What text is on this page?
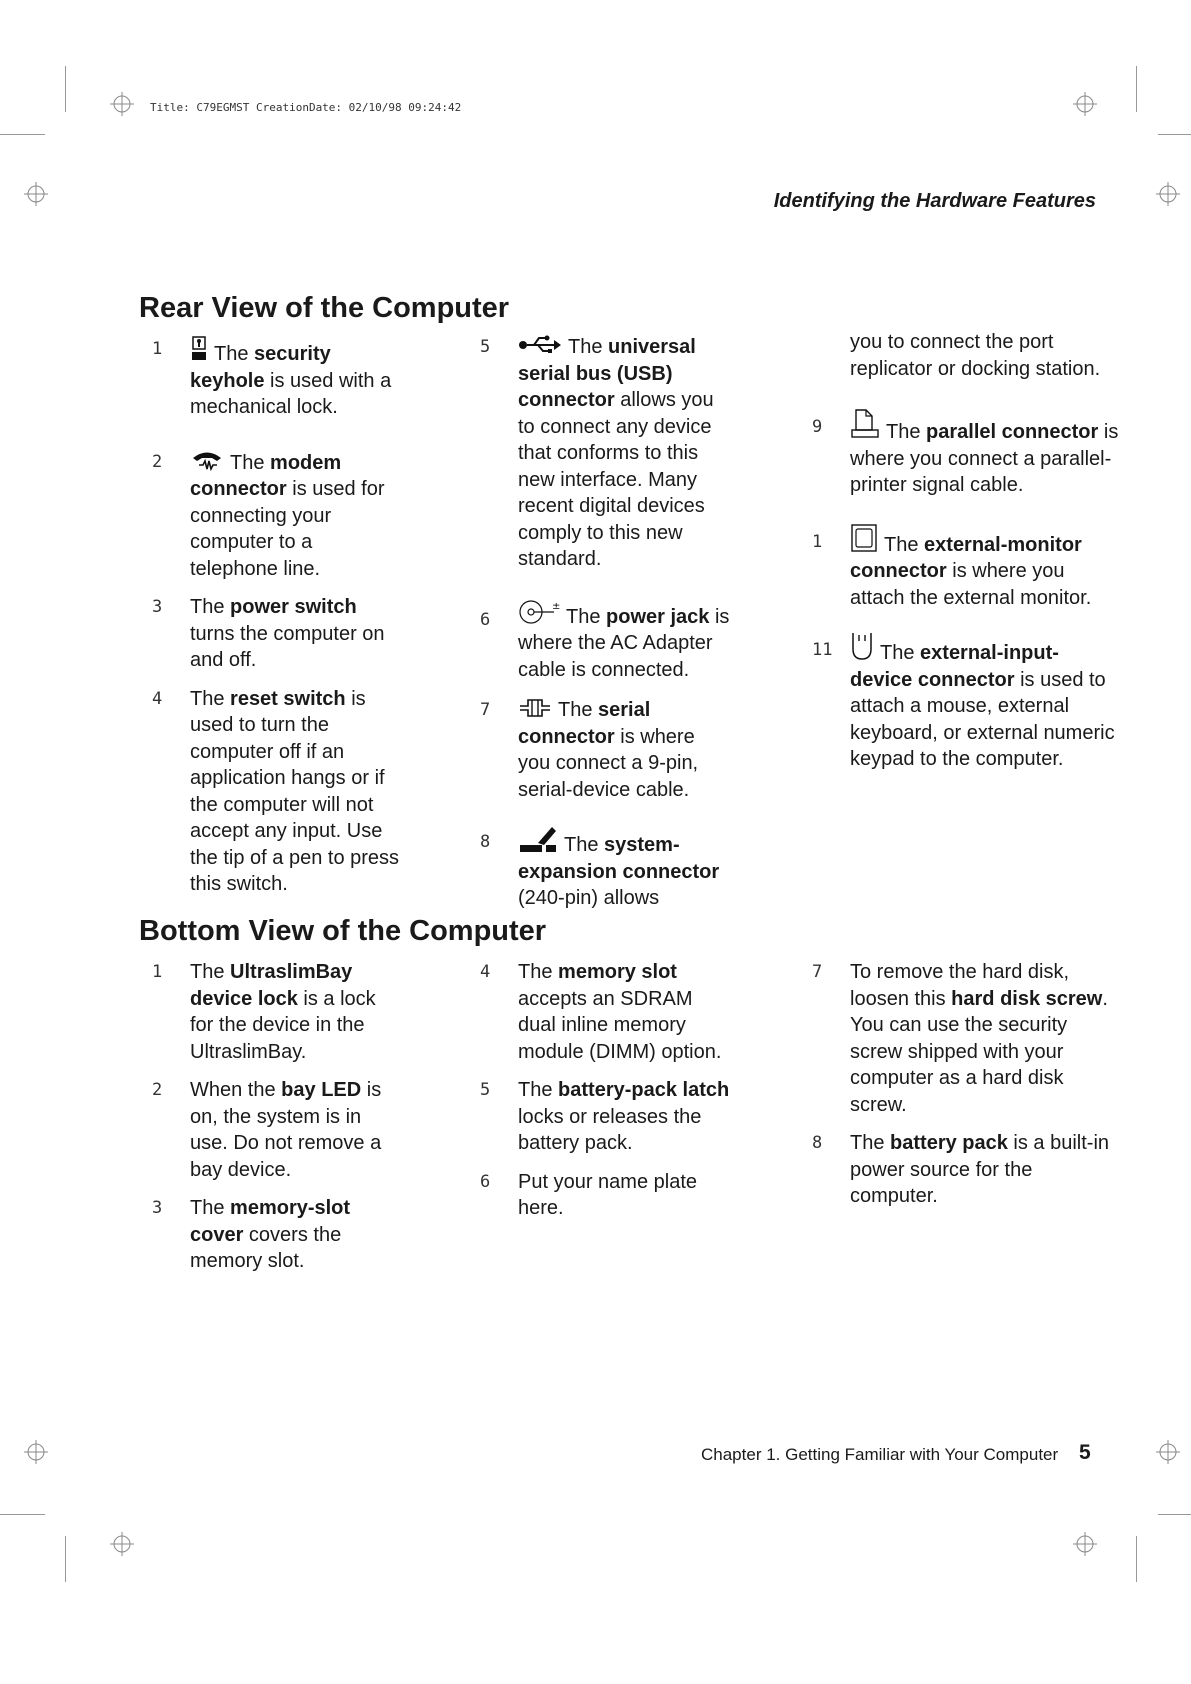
Title: C79EGMST CreationDate: 02/10/98 09:24:42
Identifying the Hardware Features
Rear View of the Computer
1	The security keyhole is used with a mechanical lock.
2	The modem connector is used for connecting your computer to a telephone line.
3 The power switch turns the computer on and off.
4 The reset switch is used to turn the computer off if an application hangs or if the computer will not accept any input. Use the tip of a pen to press this switch.
5	The universal serial bus (USB) connector allows you to connect any device that conforms to this new interface. Many recent digital devices comply to this new standard.
6
± The power jack is where the AC Adapter cable is connected.
7	The serial connector is where you connect a 9-pin, serial-device cable.
8	The system-expansion connector (240-pin) allows
you to connect the port replicator or docking station.
9	The parallel connector is where you connect a parallel-printer signal cable.
1	The external-monitor connector is where you attach the external monitor.
11 The external-input-device connector is used to attach a mouse, external keyboard, or external numeric keypad to the computer.
Bottom View of the Computer
1 The UltraslimBay device lock is a lock for the device in the UltraslimBay.
2 When the bay LED is on, the system is in use. Do not remove a bay device.
3 The memory-slot cover covers the memory slot.
4 The memory slot accepts an SDRAM dual inline memory module (DIMM) option.
5 The battery-pack latch locks or releases the battery pack.
6 Put your name plate here.
7 To remove the hard disk, loosen this hard disk screw. You can use the security screw shipped with your computer as a hard disk screw.
8 The battery pack is a built-in power source for the computer.
Chapter 1. Getting Familiar with Your Computer 5
